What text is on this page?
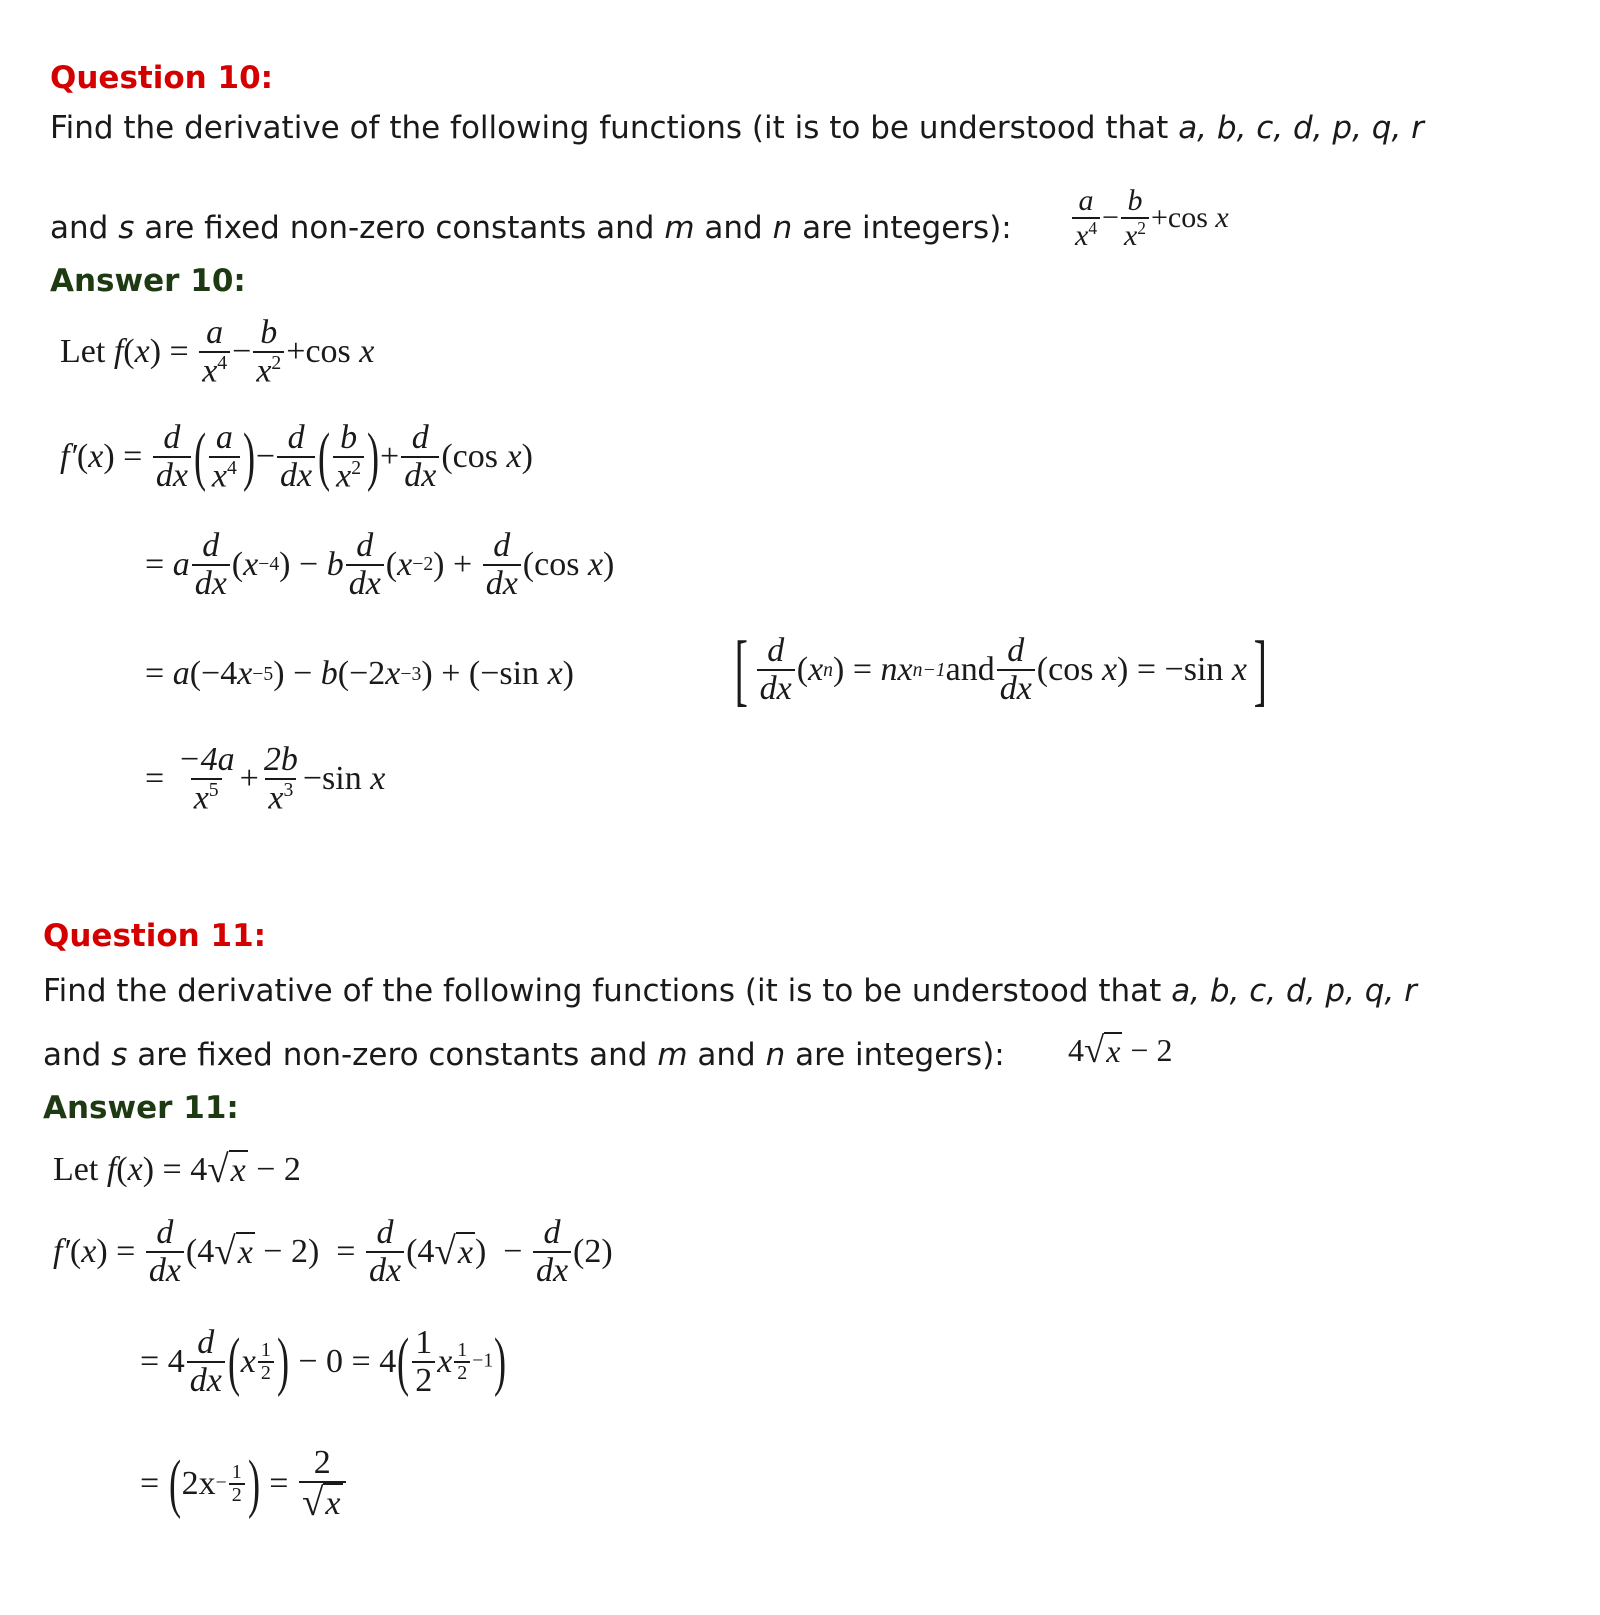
Question 10:
Find the derivative of the following functions (it is to be understood that a, b, c, d, p, q, r
and s are fixed non-zero constants and m and n are integers): $\frac{a}{x^4} - \frac{b}{x^2} + \cos$
x
Answer 10:
Let
f ( x ) = $\frac{a}{x^4} - \frac{b}{x^2} + \cos$
x
f′ ( x ) = $\frac{d}{dx}$ ( $\frac{a}{x^4}$ ) − $\frac{d}{dx}$ ( $\frac{b}{x^2}$ ) + $\frac{d}{dx}$ ( cos
x )
= a $\frac{d}{dx}$ ( x −4 ) − b $\frac{d}{dx}$ ( x −2 ) + $\frac{d}{dx}$ ( cos
x )
= a ( −4 x −5 ) − b ( −2 x −3 ) + (− sin
x ) [ $\frac{d}{dx}$ ( x n ) = nx n−1 and $\frac{d}{dx}$ ( cos
x ) = − sin
x ]
= $\frac{-4a}{x^5} + \frac{2b}{x^3} - \sin$
x
Question 11:
Find the derivative of the following functions (it is to be understood that a, b, c, d, p, q, r
and s are fixed non-zero constants and m and n are integers): 4 √ x − 2
Answer 11:
Let
f ( x ) = 4 √ x − 2
f′ ( x ) = $\frac{d}{dx}$ ( 4 √ x − 2 )  = $\frac{d}{dx}$ ( 4 √ x )  − $\frac{d}{dx}$ ( 2 )
= $4 \frac{d}{dx}$ ( x $\frac{1}{2}$ ) − 0 = 4 ( $\frac{1}{2}$ x $\frac{1}{2} -1$ )
= ( $2x - \frac{1}{2}$ ) = $\frac{2}{√ x}$
